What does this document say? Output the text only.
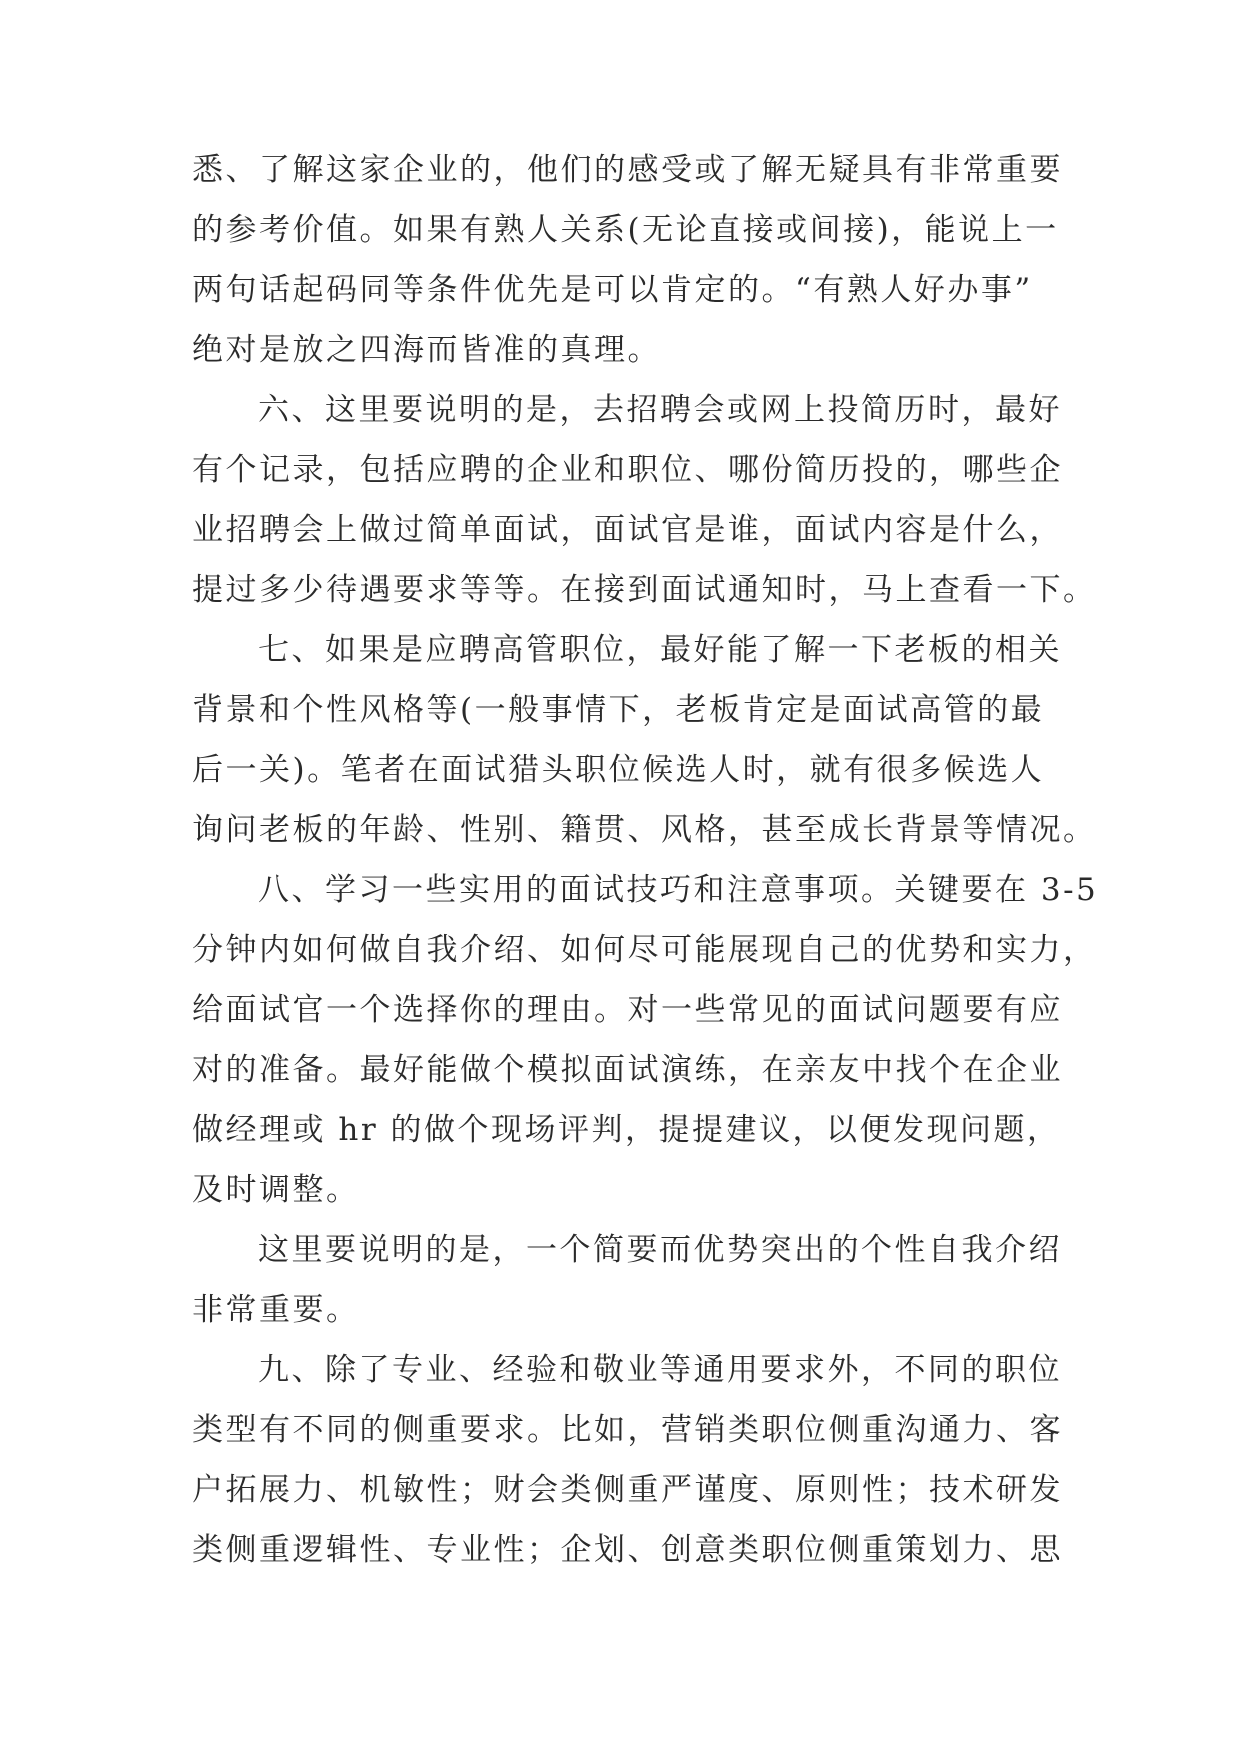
悉、了解这家企业的，他们的感受或了解无疑具有非常重要
的参考价值。如果有熟人关系(无论直接或间接)，能说上一
两句话起码同等条件优先是可以肯定的。“有熟人好办事”
绝对是放之四海而皆准的真理。
六、这里要说明的是，去招聘会或网上投简历时，最好
有个记录，包括应聘的企业和职位、哪份简历投的，哪些企
业招聘会上做过简单面试，面试官是谁，面试内容是什么，
提过多少待遇要求等等。在接到面试通知时，马上查看一下。
七、如果是应聘高管职位，最好能了解一下老板的相关
背景和个性风格等(一般事情下，老板肯定是面试高管的最
后一关)。笔者在面试猎头职位候选人时，就有很多候选人
询问老板的年龄、性别、籍贯、风格，甚至成长背景等情况。
八、学习一些实用的面试技巧和注意事项。关键要在 3-5
分钟内如何做自我介绍、如何尽可能展现自己的优势和实力，
给面试官一个选择你的理由。对一些常见的面试问题要有应
对的准备。最好能做个模拟面试演练，在亲友中找个在企业
做经理或 hr 的做个现场评判，提提建议，以便发现问题，
及时调整。
这里要说明的是，一个简要而优势突出的个性自我介绍
非常重要。
九、除了专业、经验和敬业等通用要求外，不同的职位
类型有不同的侧重要求。比如，营销类职位侧重沟通力、客
户拓展力、机敏性；财会类侧重严谨度、原则性；技术研发
类侧重逻辑性、专业性；企划、创意类职位侧重策划力、思
